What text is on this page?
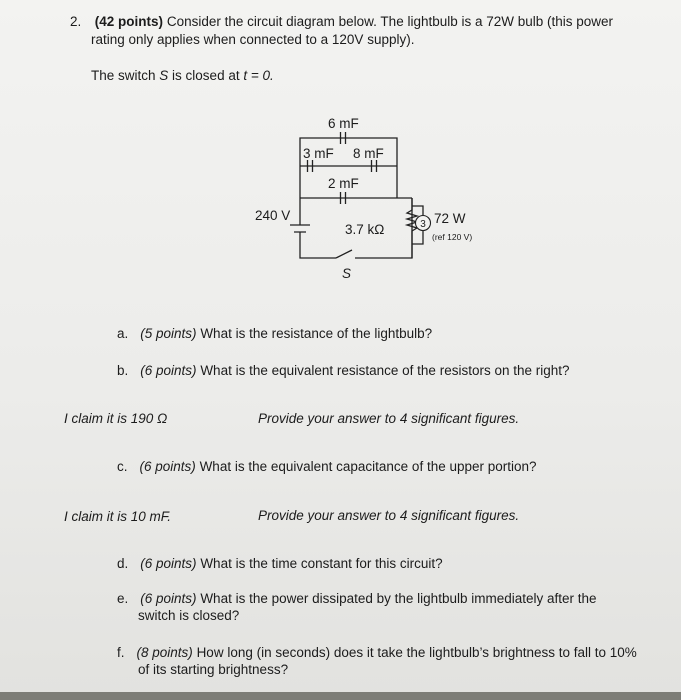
2. (42 points) Consider the circuit diagram below. The lightbulb is a 72W bulb (this power
rating only applies when connected to a 120V supply).
The switch S is closed at t = 0.
3
6 mF
3 mF 8 mF
2 mF
240 V
3.7 kΩ
72 W
(ref 120 V)
S
a. (5 points) What is the resistance of the lightbulb?
b. (6 points) What is the equivalent resistance of the resistors on the right?
I claim it is 190 Ω	Provide your answer to 4 significant figures.
c. (6 points) What is the equivalent capacitance of the upper portion?
I claim it is 10 mF.	Provide your answer to 4 significant figures.
d. (6 points) What is the time constant for this circuit?
e. (6 points) What is the power dissipated by the lightbulb immediately after the
switch is closed?
f. (8 points) How long (in seconds) does it take the lightbulb’s brightness to fall to 10%
of its starting brightness?
